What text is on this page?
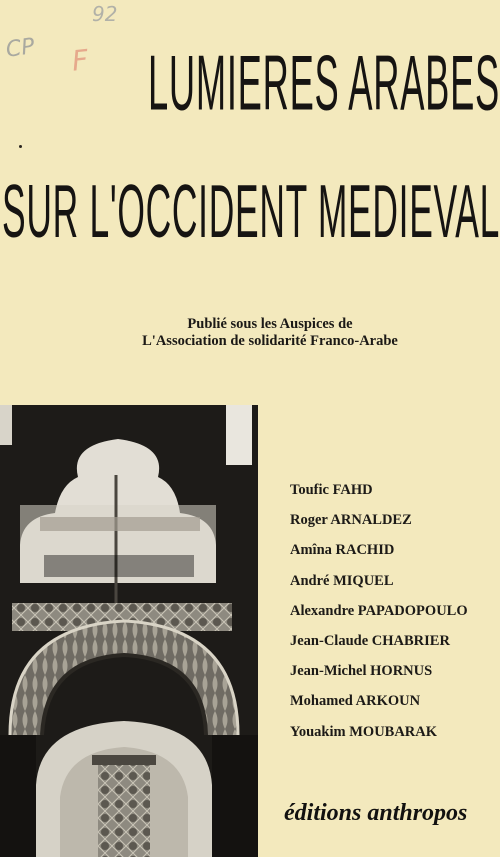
CP
92
F LUMIERES ARABES
SUR L'OCCIDENT MEDIEVAL
Publié sous les Auspices de
L'Association de solidarité Franco-Arabe
Toufic FAHD
Roger ARNALDEZ
Amîna RACHID
André MIQUEL
Alexandre PAPADOPOULO
Jean-Claude CHABRIER
Jean-Michel HORNUS
Mohamed ARKOUN
Youakim MOUBARAK
éditions anthropos
